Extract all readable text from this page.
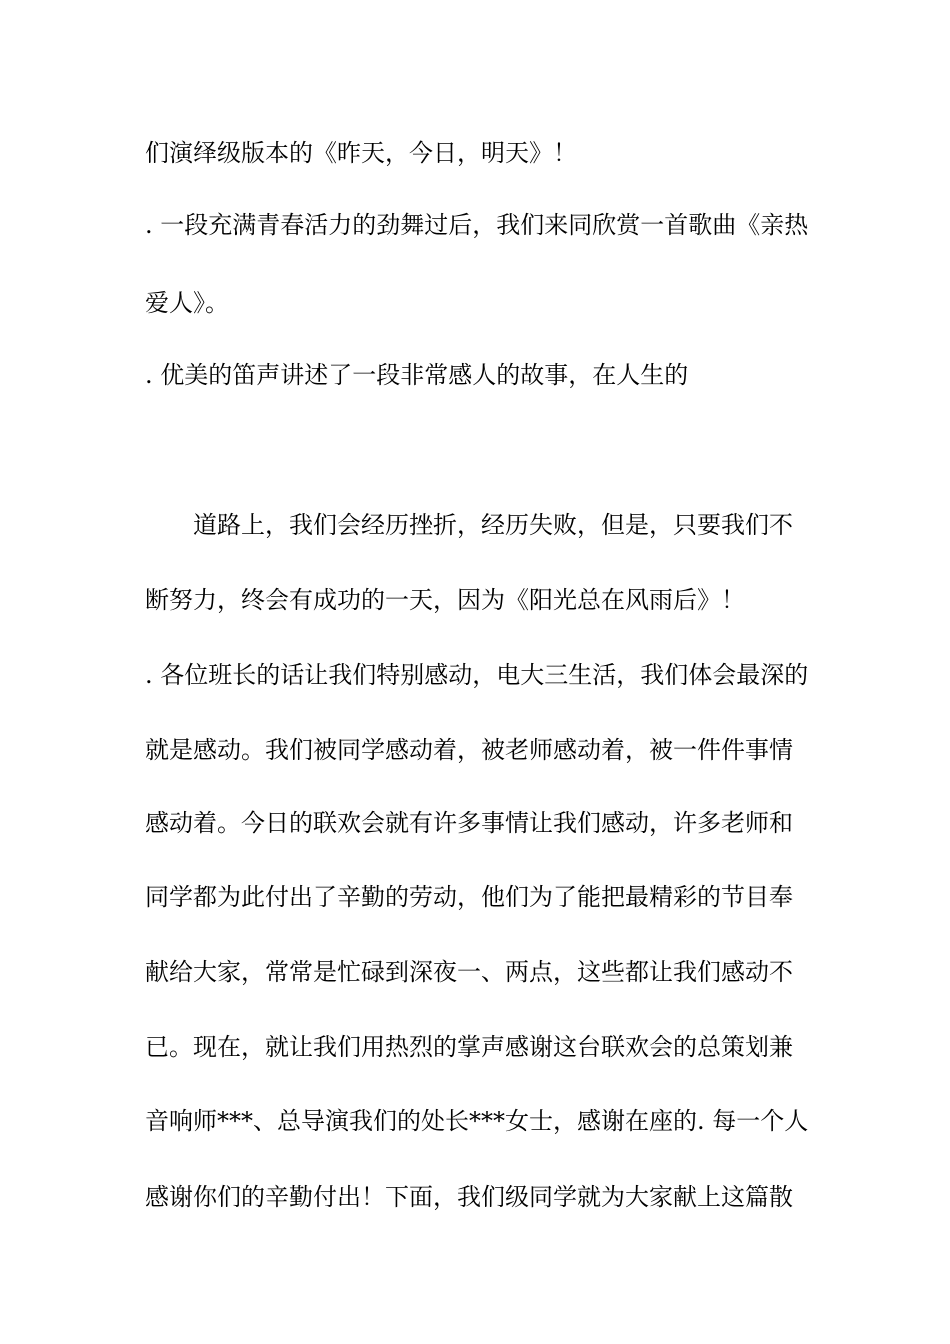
们演绎级版本的《昨天，今日，明天》！
. 一段充满青春活力的劲舞过后，我们来同欣赏一首歌曲《亲热
爱人》。
. 优美的笛声讲述了一段非常感人的故事，在人生的
道路上，我们会经历挫折，经历失败，但是，只要我们不
断努力，终会有成功的一天，因为《阳光总在风雨后》！
. 各位班长的话让我们特别感动，电大三生活，我们体会最深的
就是感动。我们被同学感动着，被老师感动着，被一件件事情
感动着。今日的联欢会就有许多事情让我们感动，许多老师和
同学都为此付出了辛勤的劳动，他们为了能把最精彩的节目奉
献给大家，常常是忙碌到深夜一、两点，这些都让我们感动不
已。现在，就让我们用热烈的掌声感谢这台联欢会的总策划兼
音响师***、总导演我们的处长***女士，感谢在座的. 每一个人
感谢你们的辛勤付出！下面，我们级同学就为大家献上这篇散
